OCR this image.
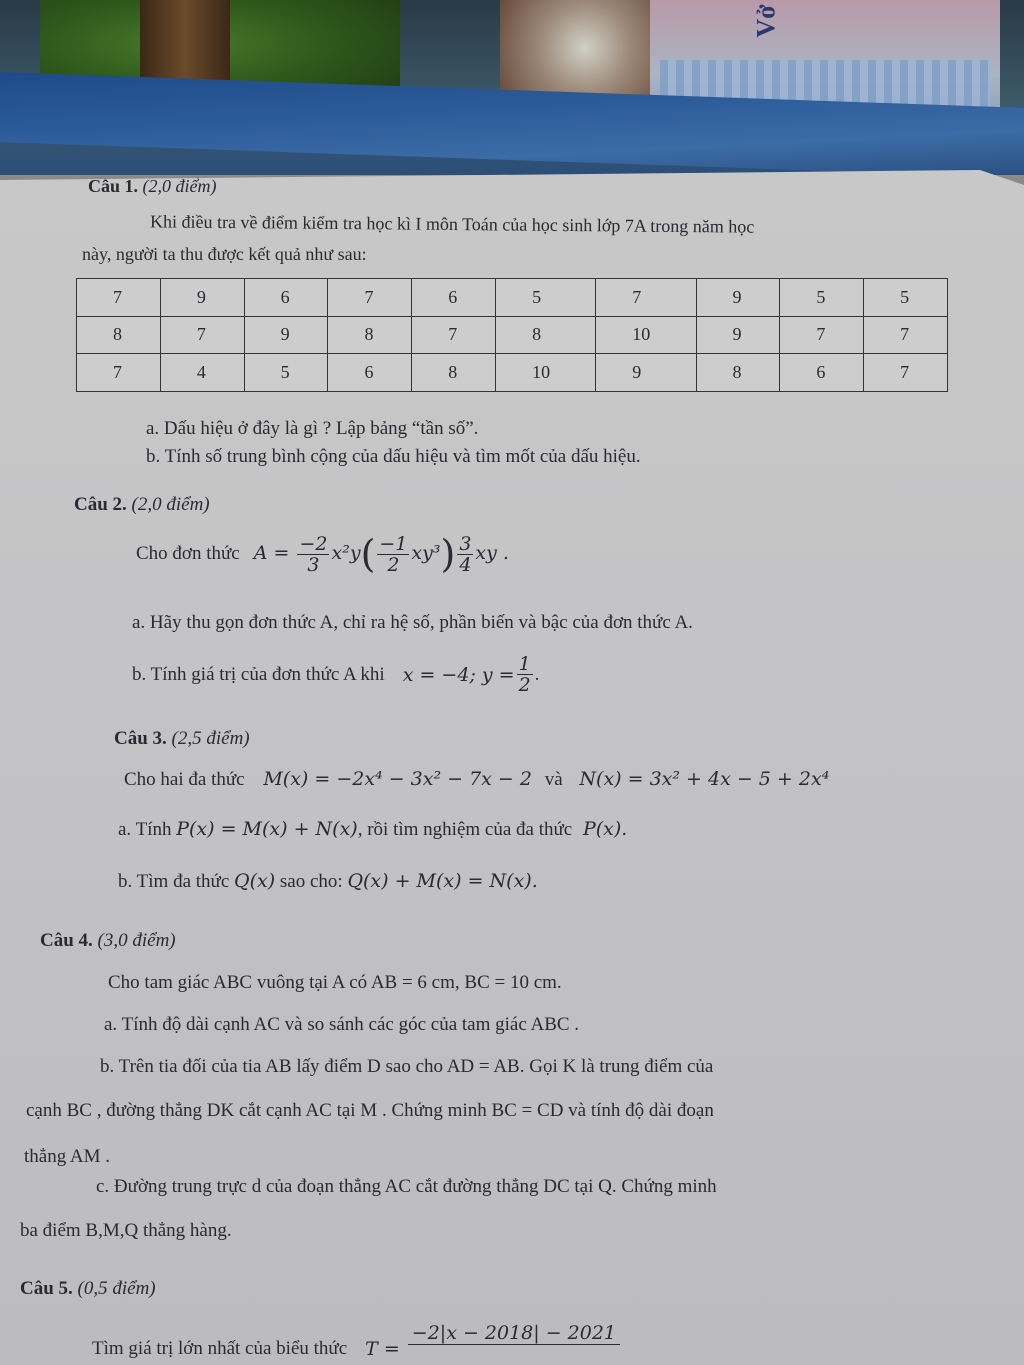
Vở
Câu 1. (2,0 điểm)
Khi điều tra về điểm kiểm tra học kì I môn Toán của học sinh lớp 7A trong năm học
này, người ta thu được kết quả như sau:
7	9	6	7	6	5	7	9	5	5
8	7	9	8	7	8	10	9	7	7
7	4	5	6	8	10	9	8	6	7
a. Dấu hiệu ở đây là gì ? Lập bảng “tần số”.
b. Tính số trung bình cộng của dấu hiệu và tìm mốt của dấu hiệu.
Câu 2. (2,0 điểm)
Cho đơn thức $A = \frac{-2}{3} x^2y( \frac{-1}{2} xy^3) \frac{3}{4}$ xy .
a. Hãy thu gọn đơn thức A, chỉ ra hệ số, phần biến và bậc của đơn thức A.
b. Tính giá trị của đơn thức A khi x = −4; $y = \frac{1}{2}$ .
Câu 3. (2,5 điểm)
Cho hai đa thức M(x) = −2x⁴ − 3x² − 7x − 2 và N(x) = 3x² + 4x − 5 + 2x⁴
a. Tính P(x) = M(x) + N(x), rồi tìm nghiệm của đa thức P(x).
b. Tìm đa thức Q(x) sao cho: Q(x) + M(x) = N(x).
Câu 4. (3,0 điểm)
Cho tam giác ABC vuông tại A có AB = 6 cm, BC = 10 cm.
a. Tính độ dài cạnh AC và so sánh các góc của tam giác ABC .
b. Trên tia đối của tia AB lấy điểm D sao cho AD = AB. Gọi K là trung điểm của
cạnh BC , đường thẳng DK cắt cạnh AC tại M . Chứng minh BC = CD và tính độ dài đoạn
thẳng AM .
c. Đường trung trực d của đoạn thẳng AC cắt đường thẳng DC tại Q. Chứng minh
ba điểm B,M,Q thẳng hàng.
Câu 5. (0,5 điểm)
Tìm giá trị lớn nhất của biểu thức T =
−2|x − 2018| − 2021
